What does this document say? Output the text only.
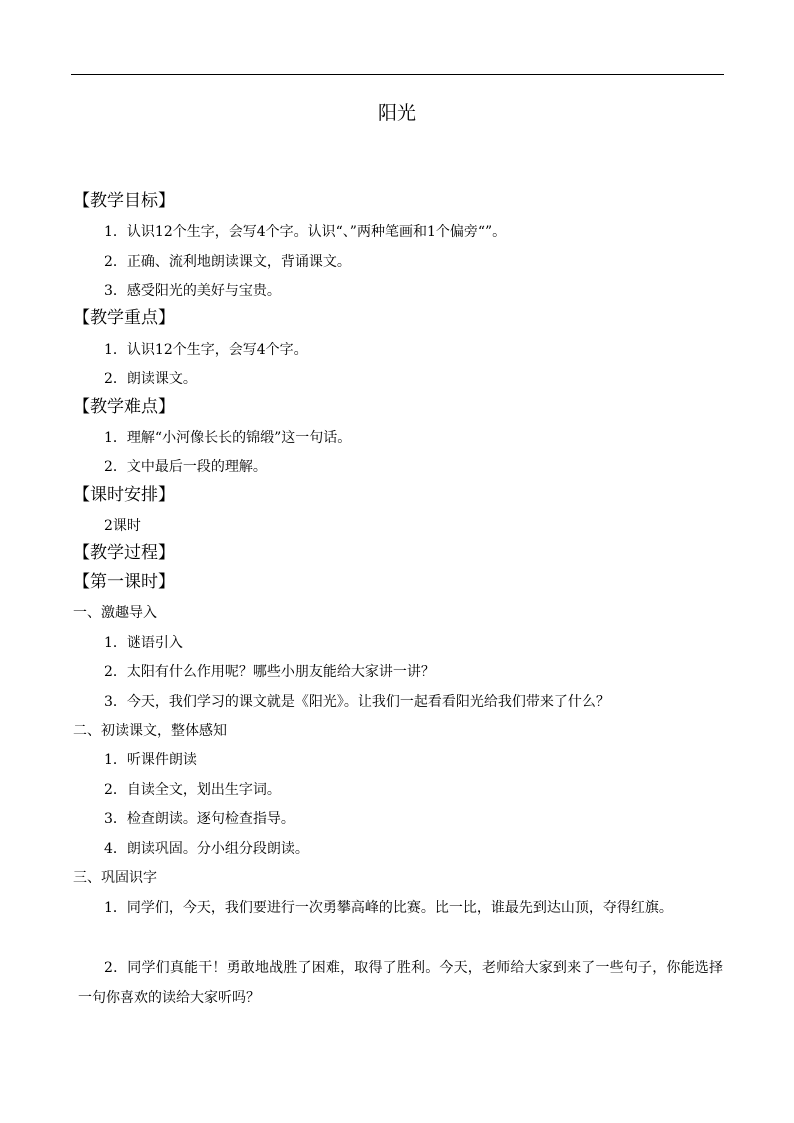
阳光
【教学目标】
1．认识12个生字，会写4个字。认识“、”两种笔画和1个偏旁“”。
2．正确、流利地朗读课文，背诵课文。
3．感受阳光的美好与宝贵。
【教学重点】
1．认识12个生字，会写4个字。
2．朗读课文。
【教学难点】
1．理解“小河像长长的锦缎”这一句话。
2．文中最后一段的理解。
【课时安排】
2课时
【教学过程】
【第一课时】
一、激趣导入
1．谜语引入
2．太阳有什么作用呢？哪些小朋友能给大家讲一讲？
3．今天，我们学习的课文就是《阳光》。让我们一起看看阳光给我们带来了什么？
二、初读课文，整体感知
1．听课件朗读
2．自读全文，划出生字词。
3．检查朗读。逐句检查指导。
4．朗读巩固。分小组分段朗读。
三、巩固识字
1．同学们，今天，我们要进行一次勇攀高峰的比赛。比一比，谁最先到达山顶，夺得红旗。
2．同学们真能干！勇敢地战胜了困难，取得了胜利。今天，老师给大家到来了一些句子，你能选择一句你喜欢的读给大家听吗？
